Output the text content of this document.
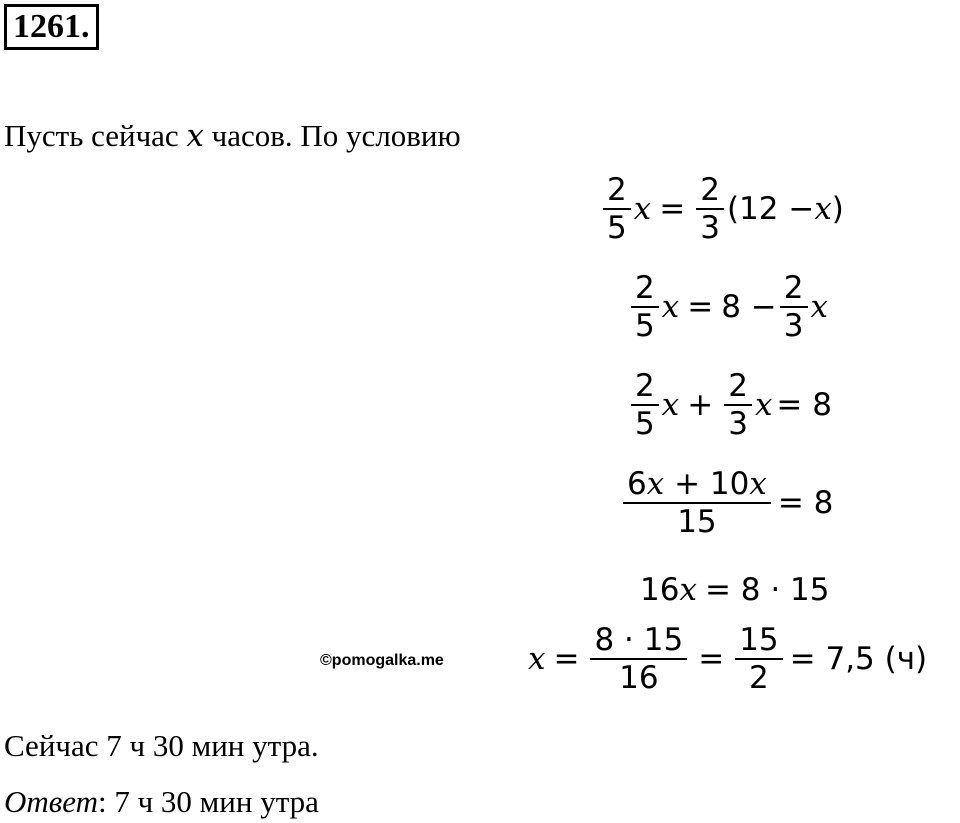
1261.
Пусть сейчас x часов. По условию
$\frac{2}{5}$ $x = \frac{2}{3} (12 - x$ )
$\frac{2}{5}$ $x = 8 - \frac{2}{3}$ x
$\frac{2}{5}$ $x + \frac{2}{3}$ x = 8
$\frac{6x + 10x}{15} = 8$
16 x = 8 · 15
©pomogalka.me	$x = \frac{8 \cdot 15}{16} = \frac{15}{2} = 7,5$ (ч)
Сейчас 7 ч 30 мин утра.
Ответ: 7 ч 30 мин утра
